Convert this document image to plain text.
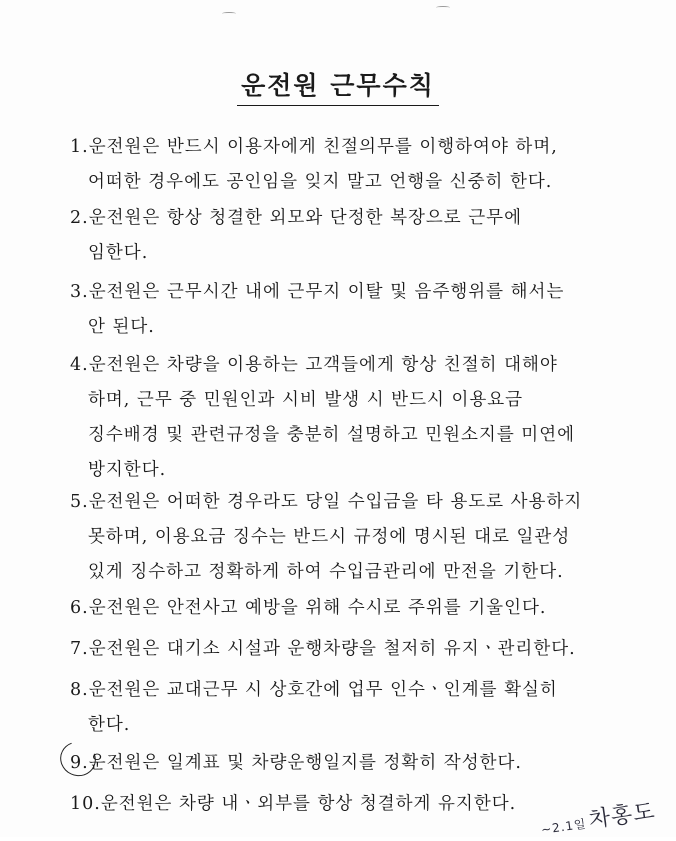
운전원 근무수칙
1.운전원은 반드시 이용자에게 친절의무를 이행하여야 하며,
어떠한 경우에도 공인임을 잊지 말고 언행을 신중히 한다.
2.운전원은 항상 청결한 외모와 단정한 복장으로 근무에
임한다.
3.운전원은 근무시간 내에 근무지 이탈 및 음주행위를 해서는
안 된다.
4.운전원은 차량을 이용하는 고객들에게 항상 친절히 대해야
하며, 근무 중 민원인과 시비 발생 시 반드시 이용요금
징수배경 및 관련규정을 충분히 설명하고 민원소지를 미연에
방지한다.
5.운전원은 어떠한 경우라도 당일 수입금을 타 용도로 사용하지
못하며, 이용요금 징수는 반드시 규정에 명시된 대로 일관성
있게 징수하고 정확하게 하여 수입금관리에 만전을 기한다.
6.운전원은 안전사고 예방을 위해 수시로 주위를 기울인다.
7.운전원은 대기소 시설과 운행차량을 철저히 유지ㆍ관리한다.
8.운전원은 교대근무 시 상호간에 업무 인수ㆍ인계를 확실히
한다.
9.운전원은 일계표 및 차량운행일지를 정확히 작성한다.
10.운전원은 차량 내ㆍ외부를 항상 청결하게 유지한다.
~2.1일차홍도
